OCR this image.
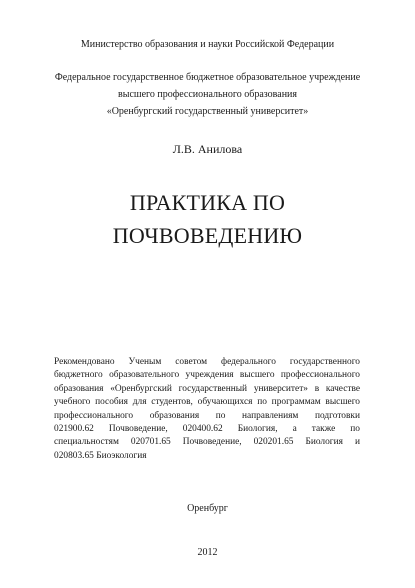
Министерство образования и науки Российской Федерации
Федеральное государственное бюджетное образовательное учреждение
высшего профессионального образования
«Оренбургский государственный университет»
Л.В. Анилова
ПРАКТИКА ПО
ПОЧВОВЕДЕНИЮ
Рекомендовано Ученым советом федерального государственного
бюджетного образовательного учреждения высшего профессионального
образования «Оренбургский государственный университет» в качестве
учебного пособия для студентов, обучающихся по программам высшего
профессионального образования по направлениям подготовки
021900.62 Почвоведение, 020400.62 Биология, а также по
специальностям 020701.65 Почвоведение, 020201.65 Биология и
020803.65 Биоэкология
Оренбург
2012
